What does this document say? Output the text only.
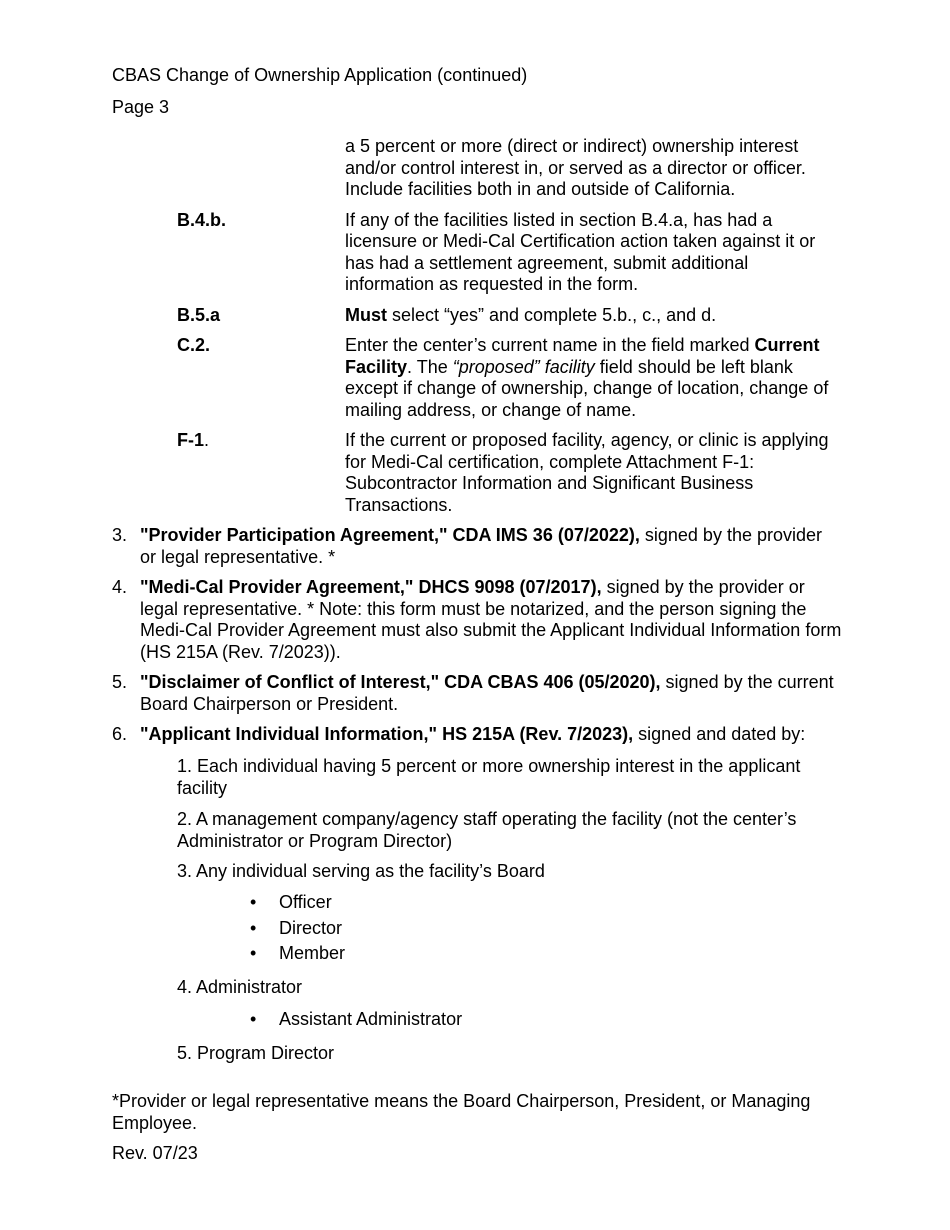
CBAS Change of Ownership Application (continued)
Page 3
a 5 percent or more (direct or indirect) ownership interest and/or control interest in, or served as a director or officer. Include facilities both in and outside of California.
B.4.b.	If any of the facilities listed in section B.4.a, has had a licensure or Medi-Cal Certification action taken against it or has had a settlement agreement, submit additional information as requested in the form.
B.5.a	Must select “yes” and complete 5.b., c., and d.
C.2.	Enter the center’s current name in the field marked Current Facility. The “proposed” facility field should be left blank except if change of ownership, change of location, change of mailing address, or change of name.
F-1.	If the current or proposed facility, agency, or clinic is applying for Medi-Cal certification, complete Attachment F-1: Subcontractor Information and Significant Business Transactions.
3. "Provider Participation Agreement," CDA IMS 36 (07/2022), signed by the provider or legal representative. *
4. "Medi-Cal Provider Agreement," DHCS 9098 (07/2017), signed by the provider or legal representative. * Note: this form must be notarized, and the person signing the Medi-Cal Provider Agreement must also submit the Applicant Individual Information form (HS 215A (Rev. 7/2023)).
5. "Disclaimer of Conflict of Interest," CDA CBAS 406 (05/2020), signed by the current Board Chairperson or President.
6. "Applicant Individual Information," HS 215A (Rev. 7/2023), signed and dated by:
1. Each individual having 5 percent or more ownership interest in the applicant facility
2. A management company/agency staff operating the facility (not the center’s Administrator or Program Director)
3. Any individual serving as the facility’s Board
•	Officer
•	Director
•	Member
4. Administrator
•	Assistant Administrator
5. Program Director
*Provider or legal representative means the Board Chairperson, President, or Managing Employee.
Rev. 07/23
